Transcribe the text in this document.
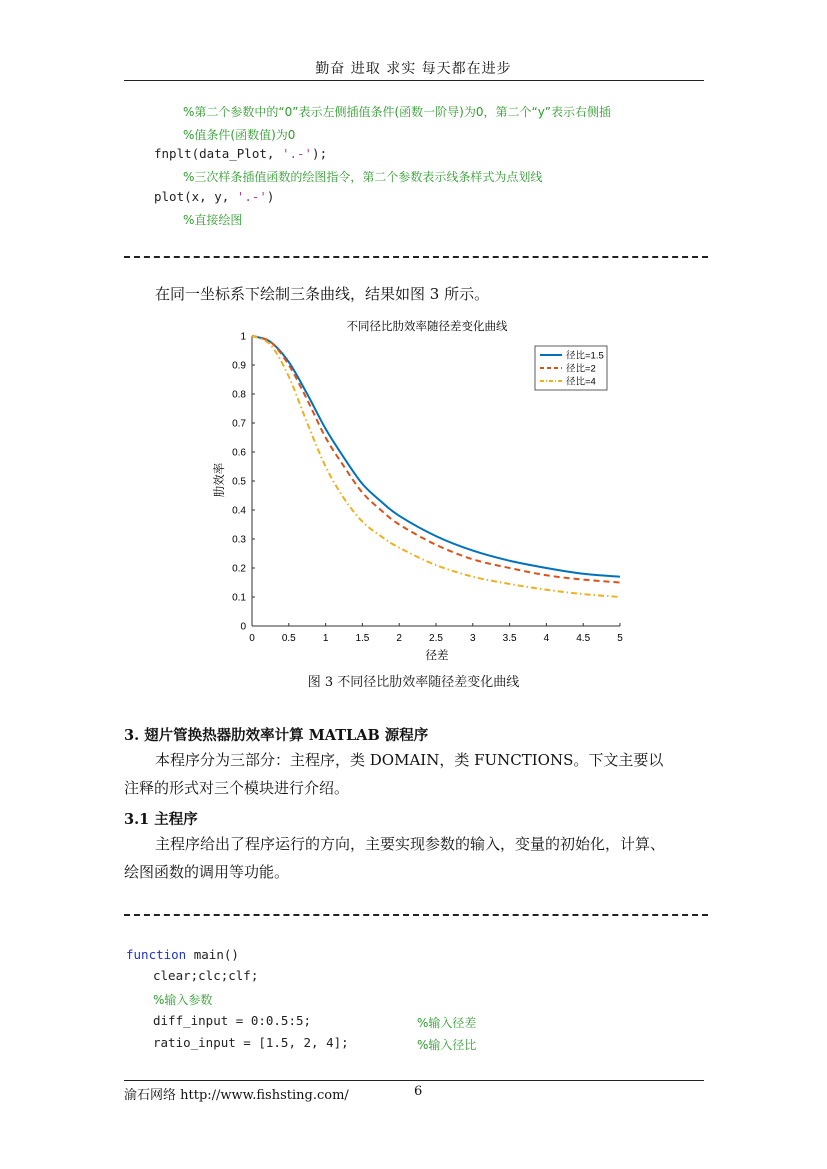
勤奋 进取 求实 每天都在进步
%第二个参数中的“0”表示左侧插值条件(函数一阶导)为0，第二个“y”表示右侧插
%值条件(函数值)为0
fnplt(data_Plot, '.-');
%三次样条插值函数的绘图指令，第二个参数表示线条样式为点划线
plot(x, y, '.-')
%直接绘图
在同一坐标系下绘制三条曲线，结果如图 3 所示。
不同径比肋效率随径差变化曲线
0	0.5	1	1.5	2	2.5	3	3.5	4	4.5	5
0
0.1
0.2
0.3
0.4
0.5
0.6
0.7
0.8
0.9
1
径比=1.5
径比=2
径比=4
径差
肋效率
图 3 不同径比肋效率随径差变化曲线
3. 翅片管换热器肋效率计算 MATLAB 源程序
本程序分为三部分：主程序，类 DOMAIN，类 FUNCTIONS。下文主要以
注释的形式对三个模块进行介绍。
3.1 主程序
主程序给出了程序运行的方向，主要实现参数的输入，变量的初始化，计算、
绘图函数的调用等功能。
function main()
clear;clc;clf;
%输入参数
diff_input = 0:0.5:5;	%输入径差
ratio_input = [1.5, 2, 4];	%输入径比
渝石网络 http://www.fishsting.com/	6
